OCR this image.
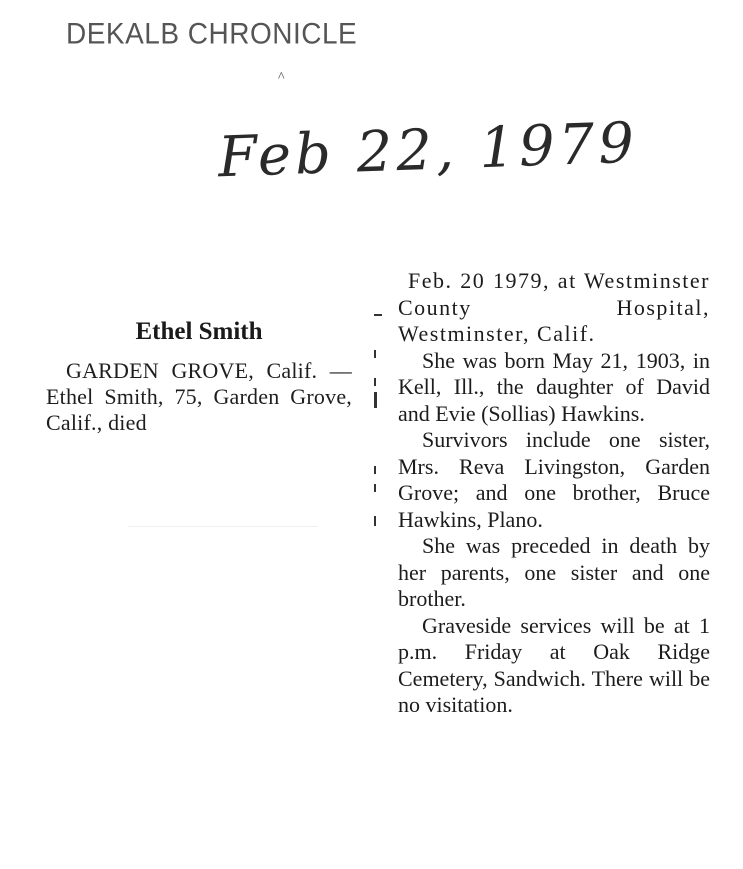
DEKALB CHRONICLE
^
Feb 22, 1979
Ethel Smith

GARDEN GROVE, Calif. — Ethel Smith, 75, Garden Grove, Calif., died

Feb. 20 1979, at Westminster County Hospital, Westminster, Calif.

She was born May 21, 1903, in Kell, Ill., the daughter of David and Evie (Sollias) Hawkins.

Survivors include one sister, Mrs. Reva Livingston, Garden Grove; and one brother, Bruce Hawkins, Plano.

She was preceded in death by her parents, one sister and one brother.

Graveside services will be at 1 p.m. Friday at Oak Ridge Cemetery, Sandwich. There will be no visitation.
